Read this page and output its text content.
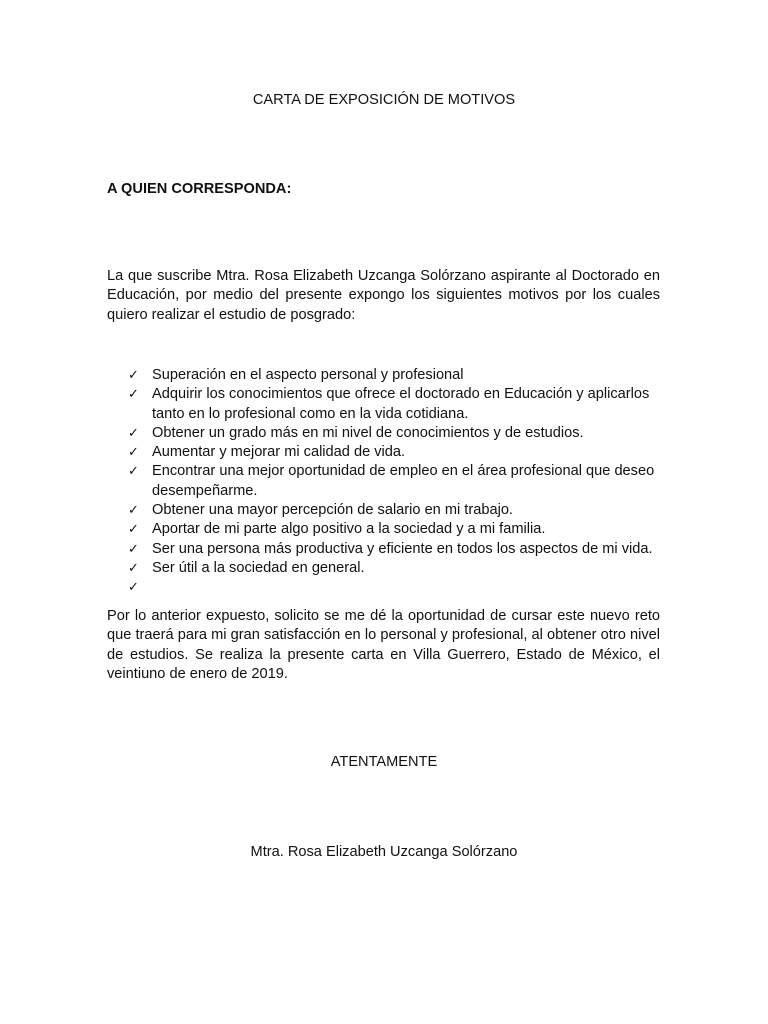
CARTA DE EXPOSICIÓN DE MOTIVOS
A QUIEN CORRESPONDA:

La que suscribe Mtra. Rosa Elizabeth Uzcanga Solórzano aspirante al Doctorado en Educación, por medio del presente expongo los siguientes motivos por los cuales quiero realizar el estudio de posgrado:

✓ Superación en el aspecto personal y profesional
✓ Adquirir los conocimientos que ofrece el doctorado en Educación y aplicarlos tanto en lo profesional como en la vida cotidiana.
✓ Obtener un grado más en mi nivel de conocimientos y de estudios.
✓ Aumentar y mejorar mi calidad de vida.
✓ Encontrar una mejor oportunidad de empleo en el área profesional que deseo desempeñarme.
✓ Obtener una mayor percepción de salario en mi trabajo.
✓ Aportar de mi parte algo positivo a la sociedad y a mi familia.
✓ Ser una persona más productiva y eficiente en todos los aspectos de mi vida.
✓ Ser útil a la sociedad en general.
✓

Por lo anterior expuesto, solicito se me dé la oportunidad de cursar este nuevo reto que traerá para mi gran satisfacción en lo personal y profesional, al obtener otro nivel de estudios. Se realiza la presente carta en Villa Guerrero, Estado de México, el veintiuno de enero de 2019.

ATENTAMENTE
Mtra. Rosa Elizabeth Uzcanga Solórzano
